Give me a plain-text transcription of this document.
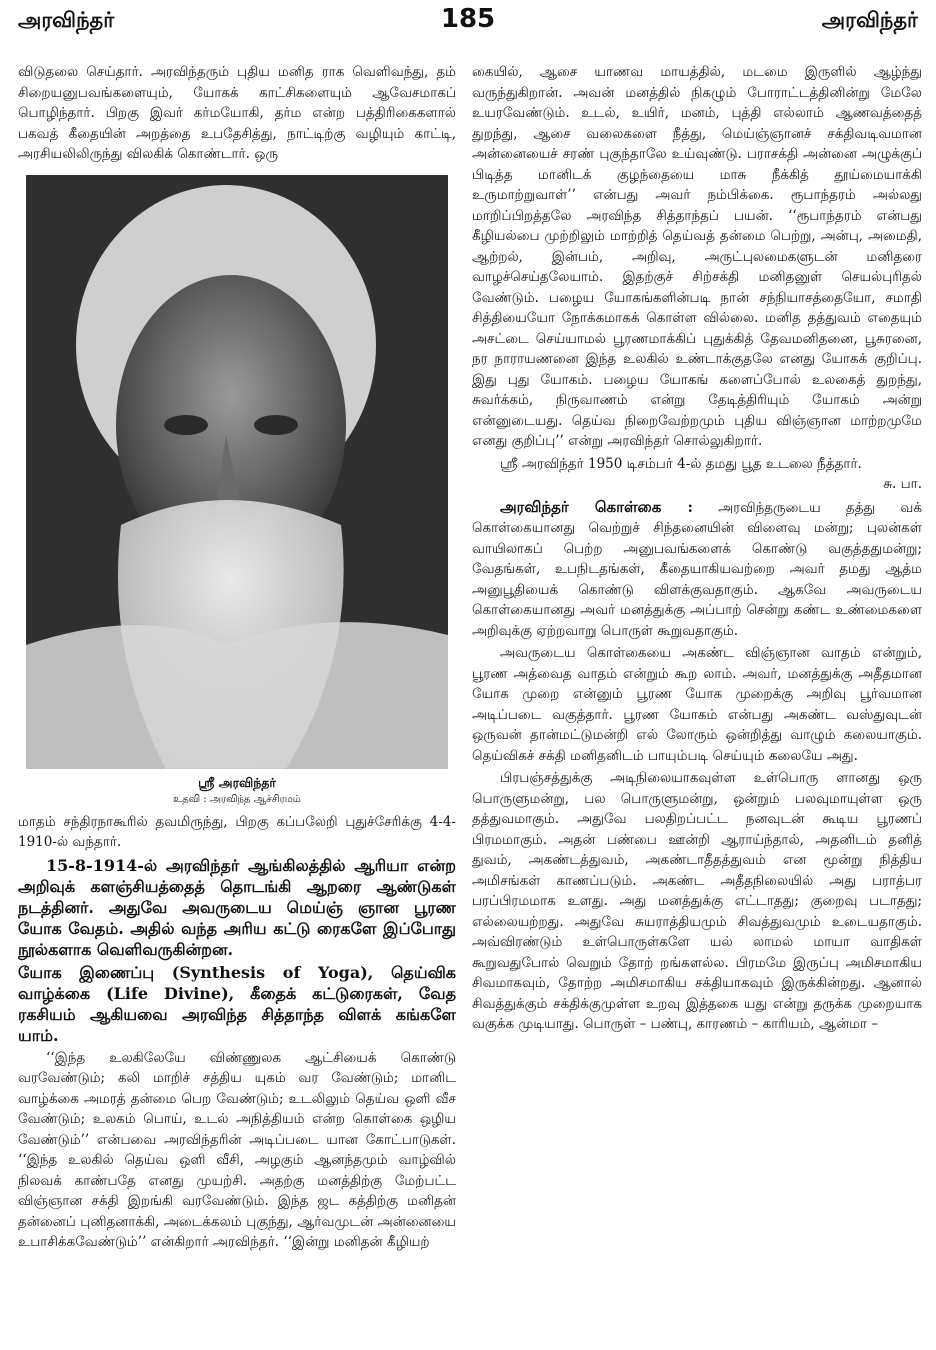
அரவிந்தர்	185	அரவிந்தர்

விடுதலை செய்தார். அரவிந்தரும் புதிய மனித ராக வெளிவந்து, தம் சிறையனுபவங்களையும், யோகக் காட்சிகளையும் ஆவேசமாகப் பொழிந்தார். பிறகு இவர் கர்மயோகி, தர்ம என்ற பத்திரிகைகளால் பகவத் கீதையின் அறத்தை உபதேசித்து, நாட்டிற்கு வழியும் காட்டி, அரசியலிலிருந்து விலகிக் கொண்டார். ஒரு

ஸ்ரீ அரவிந்தர்
உதவி : அரவிந்த ஆச்சிரமம்

மாதம் சந்திரநாகூரில் தவமிருந்து, பிறகு கப்பலேறி புதுச்சேரிக்கு 4-4-1910-ல் வந்தார்.

15-8-1914-ல் அரவிந்தர் ஆங்கிலத்தில் ஆரியா என்ற அறிவுக் களஞ்சியத்தைத் தொடங்கி ஆறரை ஆண்டுகள் நடத்தினர். அதுவே அவருடைய மெய்ஞ் ஞான பூரண யோக வேதம். அதில் வந்த அரிய கட்டு ரைகளே இப்போது நூல்களாக வெளிவருகின்றன.

யோக இணைப்பு (Synthesis of Yoga), தெய்விக வாழ்க்கை (Life Divine), கீதைக் கட்டுரைகள், வேத ரகசியம் ஆகியவை அரவிந்த சித்தாந்த விளக் கங்களே யாம்.

‘‘இந்த உலகிலேயே விண்ணுலக ஆட்சியைக் கொண்டு வரவேண்டும்; கலி மாறிச் சத்திய யுகம் வர வேண்டும்; மானிட வாழ்க்கை அமரத் தன்மை பெற வேண்டும்; உடலிலும் தெய்வ ஒளி வீச வேண்டும்; உலகம் பொய், உடல் அநித்தியம் என்ற கொள்கை ஒழிய வேண்டும்’’ என்பவை அரவிந்தரின் அடிப்படை யான கோட்பாடுகள். ‘‘இந்த உலகில் தெய்வ ஒளி வீசி, அழகும் ஆனந்தமும் வாழ்வில் நிலவக் காண்பதே எனது முயற்சி. அதற்கு மனத்திற்கு மேற்பட்ட விஞ்ஞான சக்தி இறங்கி வரவேண்டும். இந்த ஜட கத்திற்கு மனிதன் தன்னைப் புனிதனாக்கி, அடைக்கலம் புகுந்து, ஆர்வமுடன் அன்னையை உபாசிக்கவேண்டும்’’ என்கிறார் அரவிந்தர். ‘‘இன்று மனிதன் கீழியற்

கையில், ஆசை யாணவ மாயத்தில், மடமை இருளில் ஆழ்ந்து வருந்துகிறான். அவன் மனத்தில் நிகழும் போராட்டத்தினின்று மேலே உயரவேண்டும். உடல், உயிர், மனம், புத்தி எல்லாம் ஆணவத்தைத் துறந்து, ஆசை வலைகளை நீத்து, மெய்ஞ்ஞானச் சக்திவடிவமான அன்னையைச் சரண் புகுந்தாலே உய்வுண்டு. பராசக்தி அன்னை அழுக்குப் பிடித்த மானிடக் குழந்தையை மாசு நீக்கித் தூய்மையாக்கி உருமாற்றுவாள்’’ என்பது அவர் நம்பிக்கை. ரூபாந்தரம் அல்லது மாறிப்பிறத்தலே அரவிந்த சித்தாந்தப் பயன். ‘‘ரூபாந்தரம் என்பது கீழியல்பை முற்றிலும் மாற்றித் தெய்வத் தன்மை பெற்று, அன்பு, அமைதி, ஆற்றல், இன்பம், அறிவு, அருட்புலமைகளுடன் மனிதரை வாழச்செய்தலேயாம். இதற்குச் சிற்சக்தி மனிதனுள் செயல்புரிதல் வேண்டும். பழைய யோகங்களின்படி நான் சந்நியாசத்தையோ, சமாதி சித்தியையோ நோக்கமாகக் கொள்ள வில்லை. மனித தத்துவம் எதையும் அசட்டை செய்யாமல் பூரணமாக்கிப் புதுக்கித் தேவமனிதனை, பூசுரனை, நர நாராயணனை இந்த உலகில் உண்டாக்குதலே எனது யோகக் குறிப்பு. இது புது யோகம். பழைய யோகங் களைப்போல் உலகைத் துறந்து, சுவர்க்கம், நிருவாணம் என்று தேடித்திரியும் யோகம் அன்று என்னுடையது. தெய்வ நிறைவேற்றமும் புதிய விஞ்ஞான மாற்றமுமே எனது குறிப்பு’’ என்று அரவிந்தர் சொல்லுகிறார்.

ஸ்ரீ அரவிந்தர் 1950 டிசம்பர் 4-ல் தமது பூத உடலை நீத்தார்.

சு. பா.

அரவிந்தர் கொள்கை : அரவிந்தருடைய தத்து வக் கொள்கையானது வெற்றுச் சிந்தனையின் விளைவு மன்று; புலன்கள் வாயிலாகப் பெற்ற அனுபவங்களைக் கொண்டு வகுத்ததுமன்று; வேதங்கள், உபநிடதங்கள், கீதையாகியவற்றை அவர் தமது ஆத்ம அனுபூதியைக் கொண்டு விளக்குவதாகும். ஆகவே அவருடைய கொள்கையானது அவர் மனத்துக்கு அப்பாற் சென்று கண்ட உண்மைகளை அறிவுக்கு ஏற்றவாறு பொருள் கூறுவதாகும்.

அவருடைய கொள்கையை அகண்ட விஞ்ஞான வாதம் என்றும், பூரண அத்வைத வாதம் என்றும் கூற லாம். அவர், மனத்துக்கு அதீதமான யோக முறை என்னும் பூரண யோக முறைக்கு அறிவு பூர்வமான அடிப்படை வகுத்தார். பூரண யோகம் என்பது அகண்ட வஸ்துவுடன் ஒருவன் தான்மட்டுமன்றி எல் லோரும் ஒன்றித்து வாழும் கலையாகும். தெய்விகச் சக்தி மனிதனிடம் பாயும்படி செய்யும் கலையே அது.

பிரபஞ்சத்துக்கு அடிநிலையாகவுள்ள உள்பொரு ளானது ஒரு பொருளுமன்று, பல பொருளுமன்று, ஒன்றும் பலவுமாயுள்ள ஒரு தத்துவமாகும். அதுவே பலதிறப்பட்ட நனவுடன் கூடிய பூரணப் பிரமமாகும். அதன் பண்பை ஊன்றி ஆராய்ந்தால், அதனிடம் தனித் துவம், அகண்டத்துவம், அகண்டாதீதத்துவம் என மூன்று நித்திய அமிசங்கள் காணப்படும். அகண்ட அதீதநிலையில் அது பராத்பர பரப்பிரமமாக உளது. அது மனத்துக்கு எட்டாதது; குறைவு படாதது; எல்லையற்றது. அதுவே சுயராத்தியமும் சிவத்துவமும் உடையதாகும். அவ்விரண்டும் உள்பொருள்களே யல் லாமல் மாயா வாதிகள் கூறுவதுபோல் வெறும் தோற் றங்களல்ல. பிரமமே இருப்பு அமிசமாகிய சிவமாகவும், தோற்ற அமிசமாகிய சக்தியாகவும் இருக்கின்றது. ஆனால் சிவத்துக்கும் சக்திக்குமுள்ள உறவு இத்தகை யது என்று தருக்க முறையாக வகுக்க முடியாது. பொருள் – பண்பு, காரணம் – காரியம், ஆன்மா –
